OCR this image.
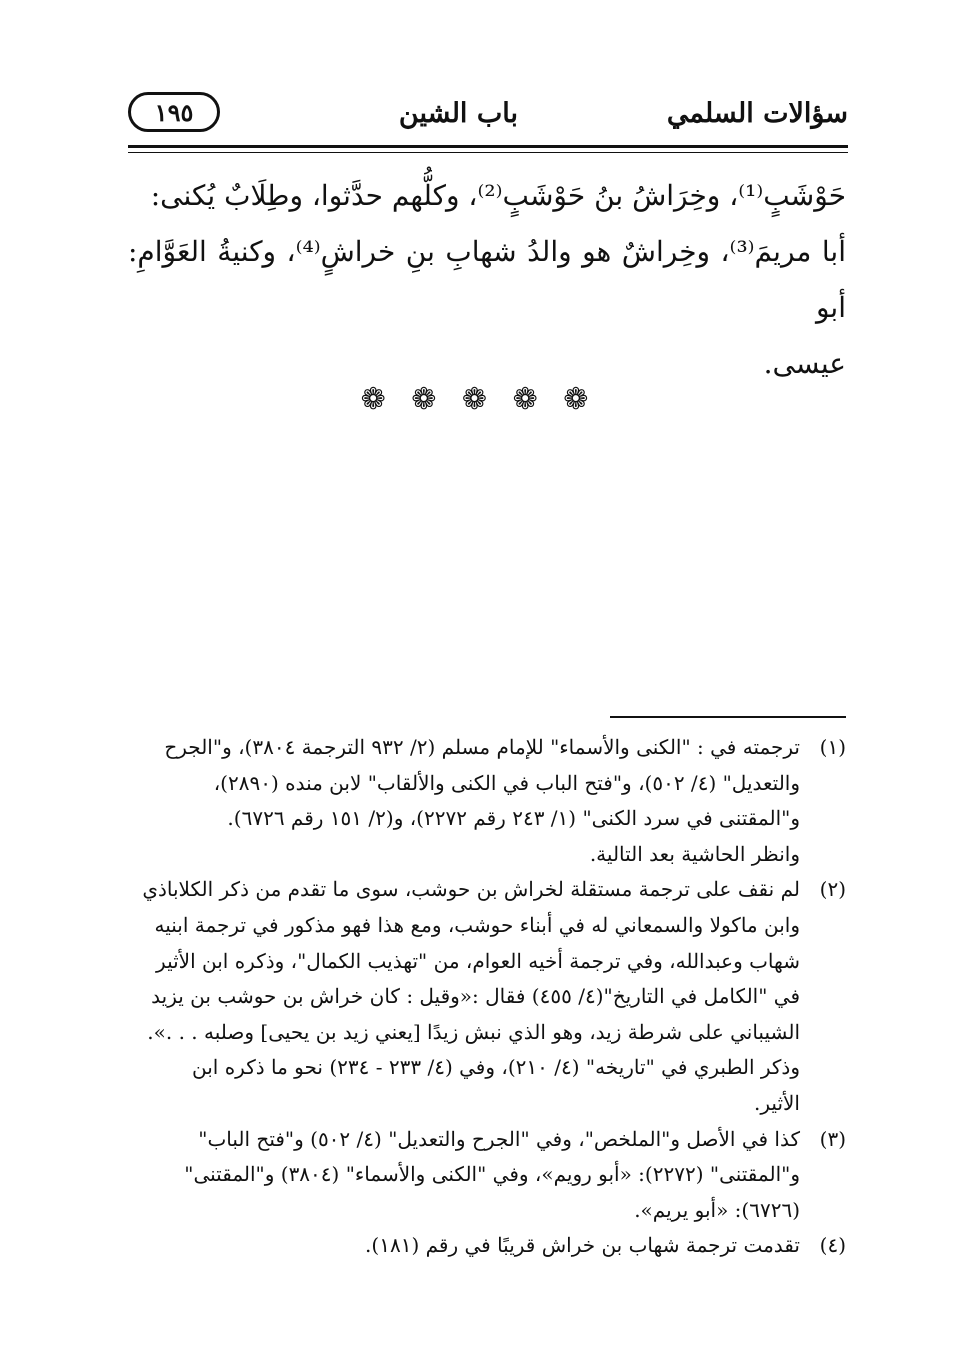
سؤالات السلمي
باب الشين
١٩٥

حَوْشَبٍ⁽¹⁾، وخِرَاشُ بنُ حَوْشَبٍ⁽²⁾، وكلُّهم حدَّثوا، وطِلَابٌ يُكنى:

أبا مريمَ⁽³⁾، وخِراشٌ هو والدُ شهابِ بنِ خراشٍ⁽⁴⁾، وكنيةُ العَوَّامِ: أبو

عيسى.

❁ ❁ ❁ ❁ ❁
(١)
ترجمته في : "الكنى والأسماء" للإمام مسلم (٢/ ٩٣٢ الترجمة ٣٨٠٤)، و"الجرح
والتعديل" (٤/ ٥٠٢)، و"فتح الباب في الكنى والألقاب" لابن منده (٢٨٩٠)،
و"المقتنى في سرد الكنى" (١/ ٢٤٣ رقم ٢٢٧٢)، و(٢/ ١٥١ رقم ٦٧٢٦).
وانظر الحاشية بعد التالية.
(٢)
لم نقف على ترجمة مستقلة لخراش بن حوشب، سوى ما تقدم من ذكر الكلاباذي
وابن ماكولا والسمعاني له في أبناء حوشب، ومع هذا فهو مذكور في ترجمة ابنيه
شهاب وعبدالله، وفي ترجمة أخيه العوام، من "تهذيب الكمال"، وذكره ابن الأثير
في "الكامل في التاريخ"(٤/ ٤٥٥) فقال :«وقيل : كان خراش بن حوشب بن يزيد
الشيباني على شرطة زيد، وهو الذي نبش زيدًا [يعني زيد بن يحيى] وصلبه . . .».
وذكر الطبري في "تاريخه" (٤/ ٢١٠)، وفي (٤/ ٢٣٣ - ٢٣٤) نحو ما ذكره ابن
الأثير.
(٣)
كذا في الأصل و"الملخص"، وفي "الجرح والتعديل" (٤/ ٥٠٢) و"فتح الباب"
و"المقتنى" (٢٢٧٢): «أبو رويم»، وفي "الكنى والأسماء" (٣٨٠٤) و"المقتنى"
(٦٧٢٦): «أبو يريم».
(٤)
تقدمت ترجمة شهاب بن خراش قريبًا في رقم (١٨١).
